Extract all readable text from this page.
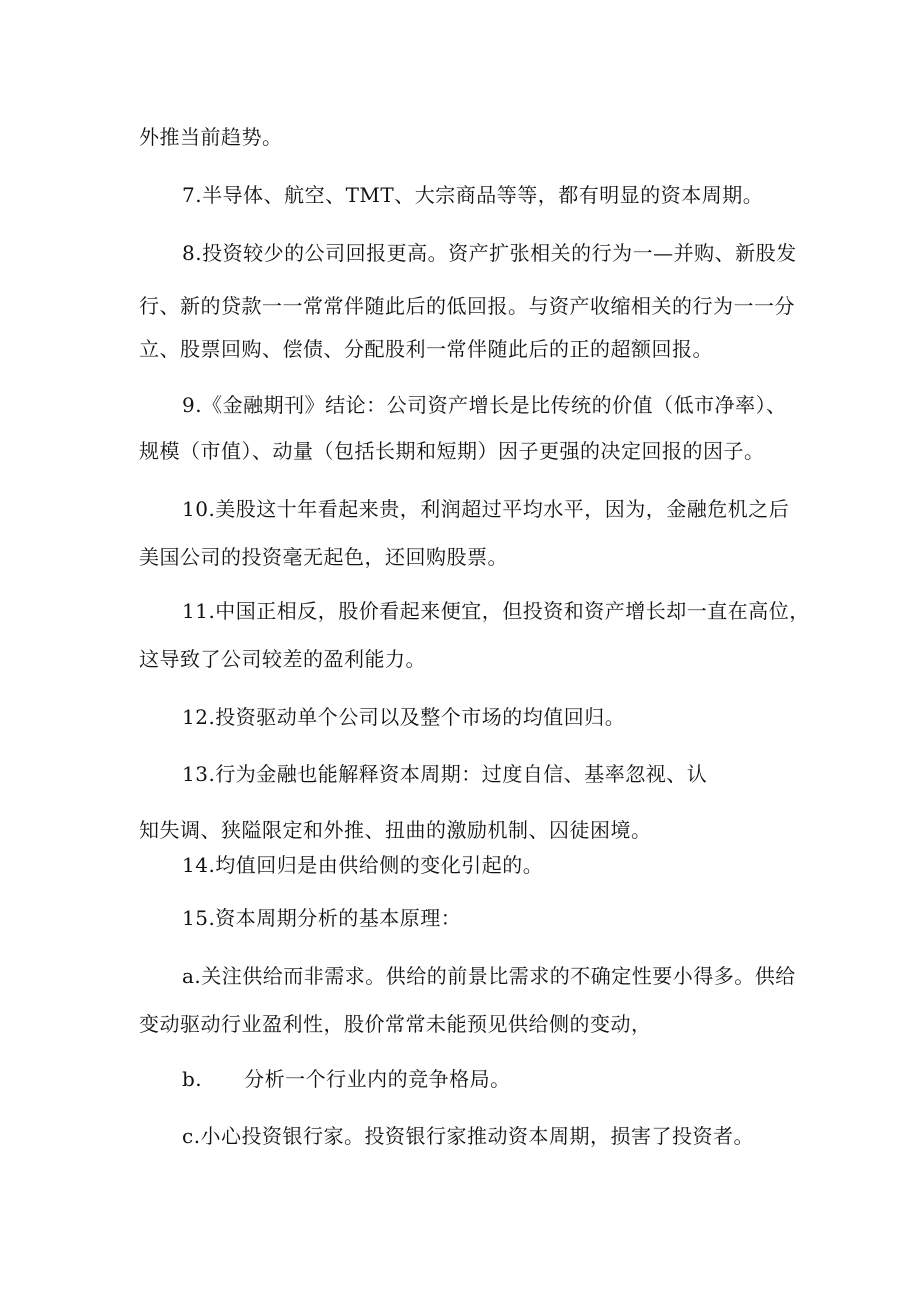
外推当前趋势。
7.半导体、航空、TMT、大宗商品等等，都有明显的资本周期。
8.投资较少的公司回报更高。资产扩张相关的行为一—并购、新股发
行、新的贷款一一常常伴随此后的低回报。与资产收缩相关的行为一一分
立、股票回购、偿债、分配股利一常伴随此后的正的超额回报。
9.《金融期刊》结论：公司资产增长是比传统的价值（低市净率）、
规模（市值）、动量（包括长期和短期）因子更强的决定回报的因子。
10.美股这十年看起来贵，利润超过平均水平，因为，金融危机之后
美国公司的投资毫无起色，还回购股票。
11.中国正相反，股价看起来便宜，但投资和资产增长却一直在高位，
这导致了公司较差的盈利能力。
12.投资驱动单个公司以及整个市场的均值回归。
13.行为金融也能解释资本周期：过度自信、基率忽视、认
知失调、狭隘限定和外推、扭曲的激励机制、囚徒困境。
14.均值回归是由供给侧的变化引起的。
15.资本周期分析的基本原理：
a.关注供给而非需求。供给的前景比需求的不确定性要小得多。供给
变动驱动行业盈利性，股价常常未能预见供给侧的变动，
b. 分析一个行业内的竞争格局。
c.小心投资银行家。投资银行家推动资本周期，损害了投资者。
